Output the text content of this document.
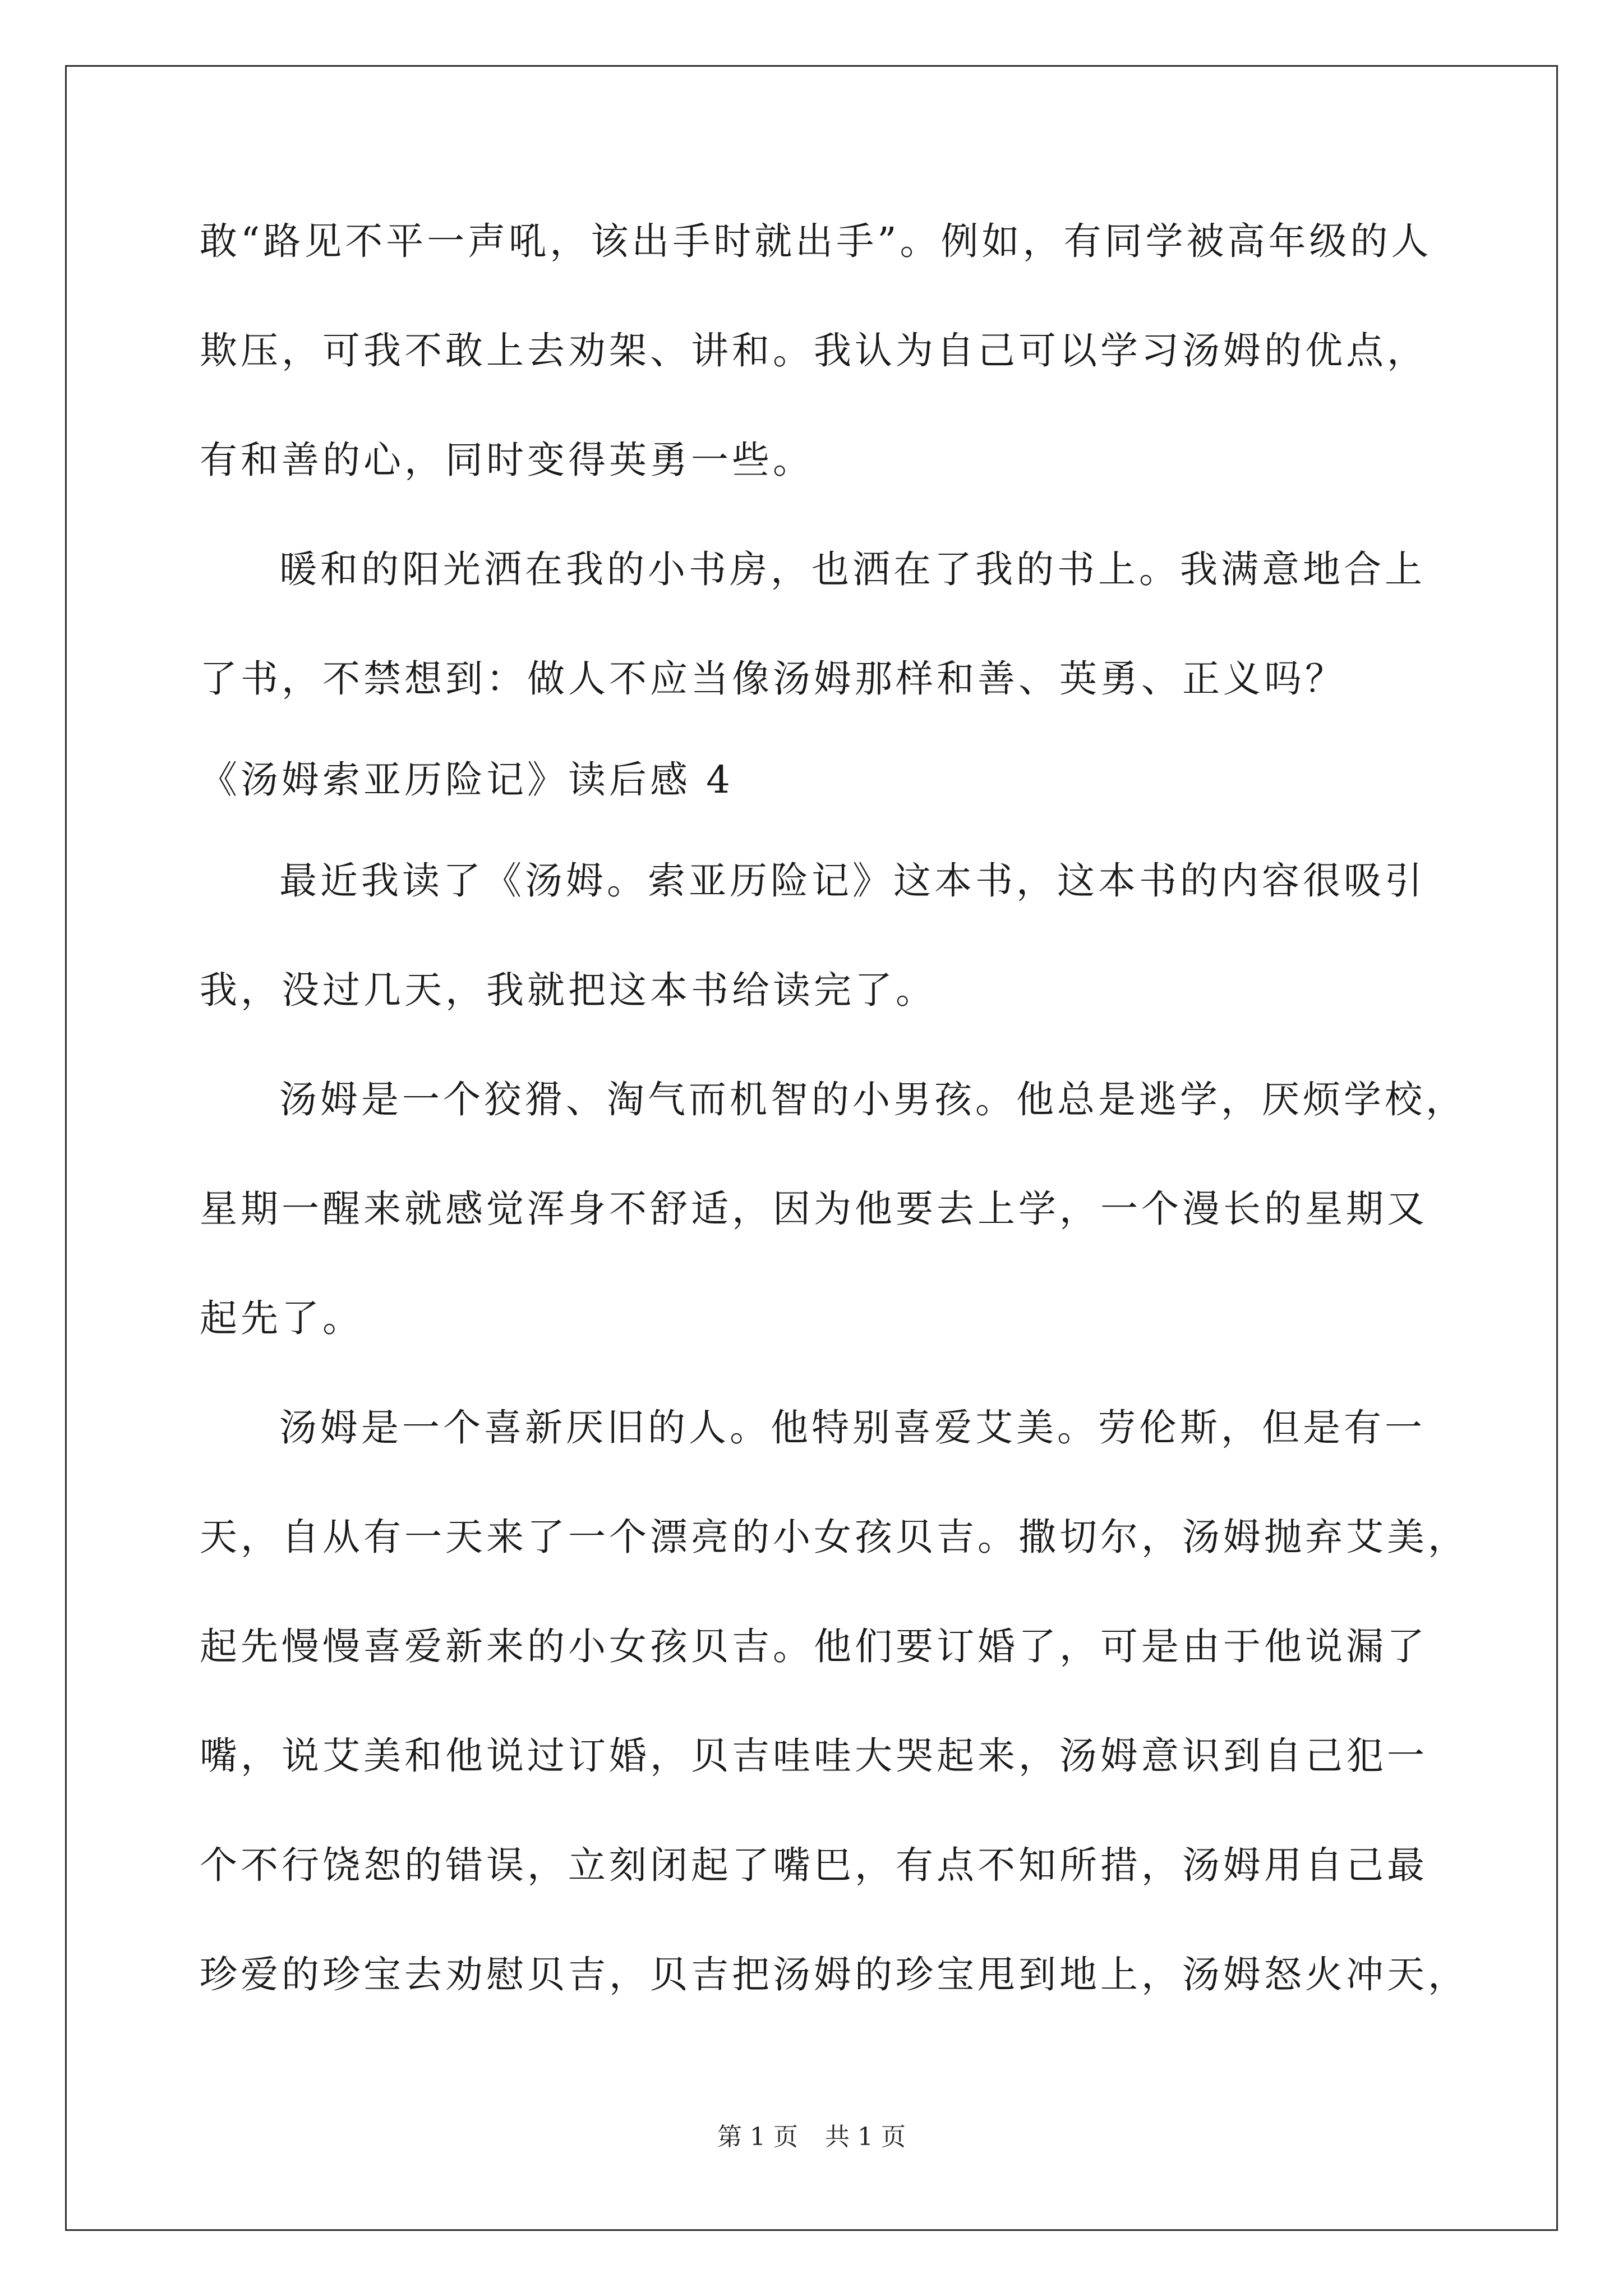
敢“路见不平一声吼，该出手时就出手”。例如，有同学被高年级的人
欺压，可我不敢上去劝架、讲和。我认为自己可以学习汤姆的优点，
有和善的心，同时变得英勇一些。
暖和的阳光洒在我的小书房，也洒在了我的书上。我满意地合上
了书，不禁想到：做人不应当像汤姆那样和善、英勇、正义吗？
《汤姆索亚历险记》读后感 4
最近我读了《汤姆。索亚历险记》这本书，这本书的内容很吸引
我，没过几天，我就把这本书给读完了。
汤姆是一个狡猾、淘气而机智的小男孩。他总是逃学，厌烦学校，
星期一醒来就感觉浑身不舒适，因为他要去上学，一个漫长的星期又
起先了。
汤姆是一个喜新厌旧的人。他特别喜爱艾美。劳伦斯，但是有一
天，自从有一天来了一个漂亮的小女孩贝吉。撒切尔，汤姆抛弃艾美，
起先慢慢喜爱新来的小女孩贝吉。他们要订婚了，可是由于他说漏了
嘴，说艾美和他说过订婚，贝吉哇哇大哭起来，汤姆意识到自己犯一
个不行饶恕的错误，立刻闭起了嘴巴，有点不知所措，汤姆用自己最
珍爱的珍宝去劝慰贝吉，贝吉把汤姆的珍宝甩到地上，汤姆怒火冲天，
第 1 页 共 1 页
